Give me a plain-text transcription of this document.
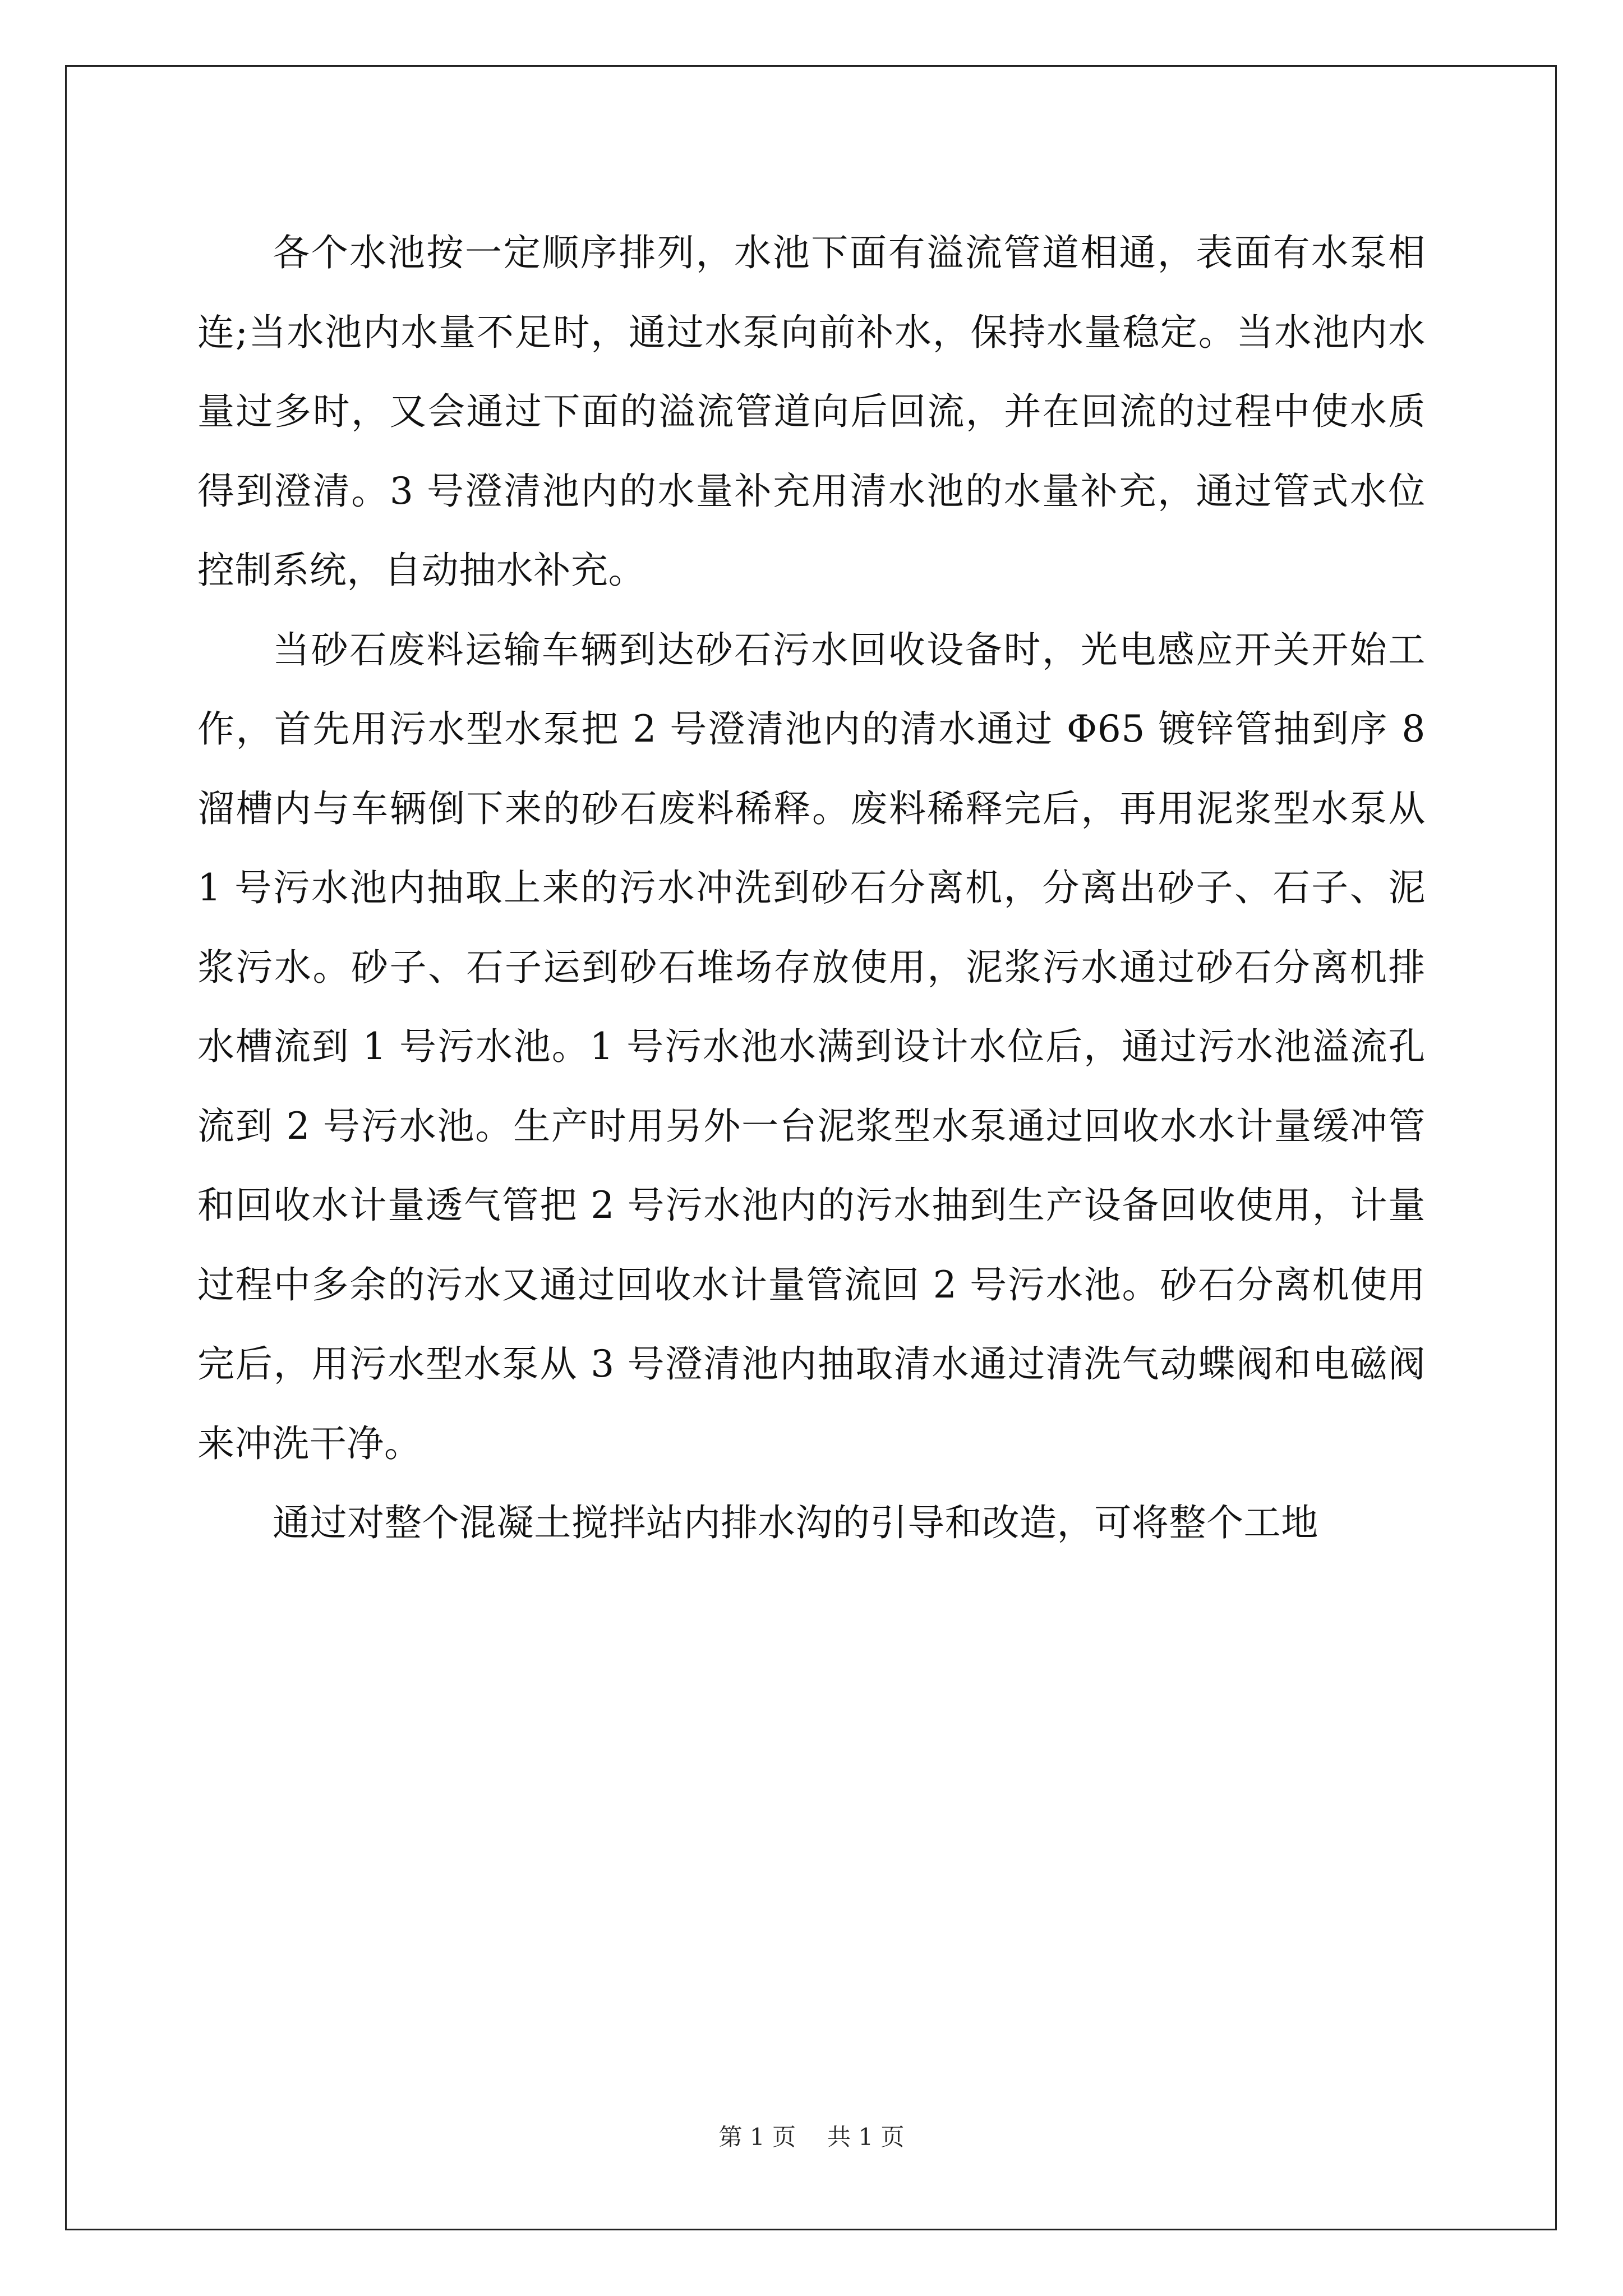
各个水池按一定顺序排列，水池下面有溢流管道相通，表面有水泵相连;当水池内水量不足时，通过水泵向前补水，保持水量稳定。当水池内水量过多时，又会通过下面的溢流管道向后回流，并在回流的过程中使水质得到澄清。3 号澄清池内的水量补充用清水池的水量补充，通过管式水位控制系统，自动抽水补充。

当砂石废料运输车辆到达砂石污水回收设备时，光电感应开关开始工作，首先用污水型水泵把 2 号澄清池内的清水通过 Φ65 镀锌管抽到序 8 溜槽内与车辆倒下来的砂石废料稀释。废料稀释完后，再用泥浆型水泵从 1 号污水池内抽取上来的污水冲洗到砂石分离机，分离出砂子、石子、泥浆污水。砂子、石子运到砂石堆场存放使用，泥浆污水通过砂石分离机排水槽流到 1 号污水池。1 号污水池水满到设计水位后，通过污水池溢流孔流到 2 号污水池。生产时用另外一台泥浆型水泵通过回收水水计量缓冲管和回收水计量透气管把 2 号污水池内的污水抽到生产设备回收使用，计量过程中多余的污水又通过回收水计量管流回 2 号污水池。砂石分离机使用完后，用污水型水泵从 3 号澄清池内抽取清水通过清洗气动蝶阀和电磁阀来冲洗干净。

通过对整个混凝土搅拌站内排水沟的引导和改造，可将整个工地

第 1 页 共 1 页
